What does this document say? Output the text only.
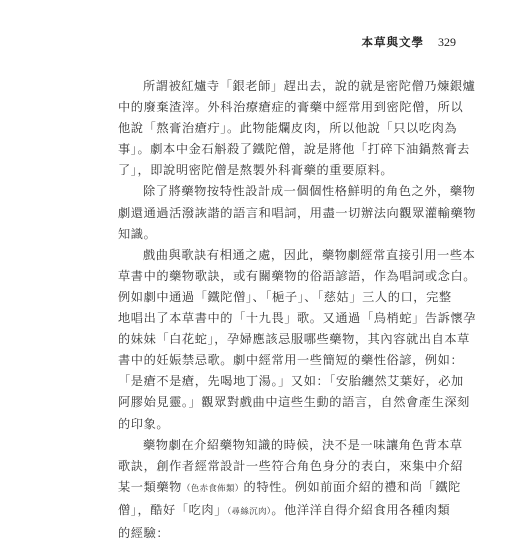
本草與文學 329

所謂被紅爐寺「銀老師」趕出去，說的就是密陀僧乃煉銀爐
中的廢棄渣滓。外科治療瘡症的膏藥中經常用到密陀僧，所以
他說「熬膏治瘡疔」。此物能爛皮肉，所以他說「只以吃肉為
事」。劇本中金石斛殺了鐵陀僧，說是將他「打碎下油鍋熬膏去
了」，即說明密陀僧是熬製外科膏藥的重要原料。

除了將藥物按特性設計成一個個性格鮮明的角色之外，藥物
劇還通過活潑詼諧的語言和唱詞，用盡一切辦法向觀眾灌輸藥物
知識。

戲曲與歌訣有相通之處，因此，藥物劇經常直接引用一些本
草書中的藥物歌訣，或有關藥物的俗語諺語，作為唱詞或念白。
例如劇中通過「鐵陀僧」、「梔子」、「慈姑」三人的口，完整
地唱出了本草書中的「十九畏」歌。又通過「烏梢蛇」告訴懷孕
的妹妹「白花蛇」，孕婦應該忌服哪些藥物，其內容就出自本草
書中的妊娠禁忌歌。劇中經常用一些簡短的藥性俗諺，例如：
「是瘡不是瘡，先喝地丁湯。」又如：「安胎纏然艾葉好，必加
阿膠始見靈。」觀眾對戲曲中這些生動的語言，自然會產生深刻
的印象。

藥物劇在介紹藥物知識的時候，決不是一味讓角色背本草
歌訣，創作者經常設計一些符合角色身分的表白，來集中介紹
某一類藥物（色赤食佈類）的特性。例如前面介紹的禮和尚「鐵陀
僧」，酷好「吃肉」（尋絲沉肉）。他洋洋自得介紹食用各種肉類
的經驗：
